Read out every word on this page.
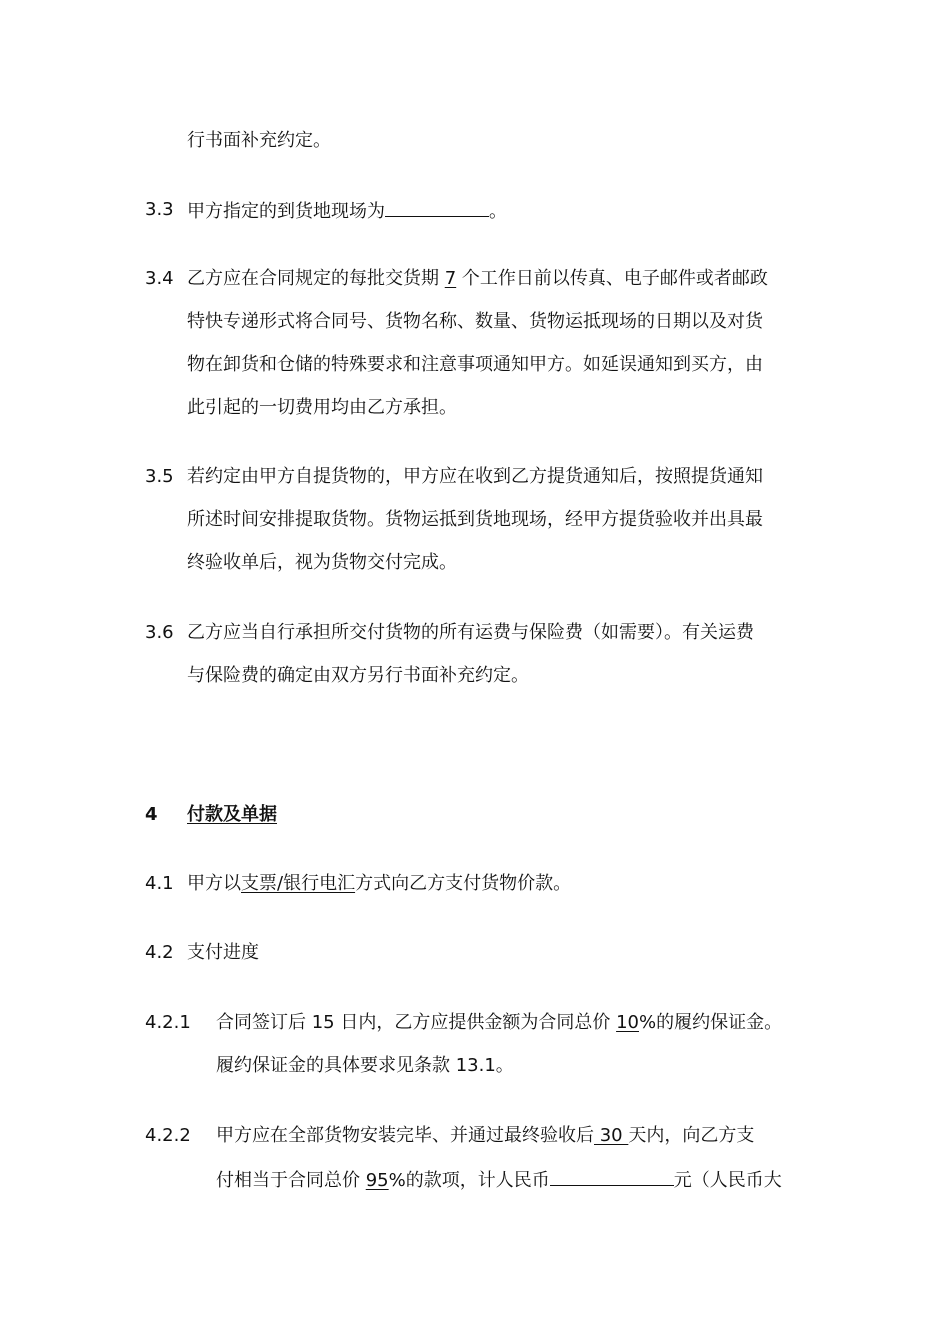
行书面补充约定。
3.3 甲方指定的到货地现场为	。
3.4 乙方应在合同规定的每批交货期 7 个工作日前以传真、电子邮件或者邮政
特快专递形式将合同号、货物名称、数量、货物运抵现场的日期以及对货
物在卸货和仓储的特殊要求和注意事项通知甲方。如延误通知到买方，由
此引起的一切费用均由乙方承担。
3.5 若约定由甲方自提货物的，甲方应在收到乙方提货通知后，按照提货通知
所述时间安排提取货物。货物运抵到货地现场，经甲方提货验收并出具最
终验收单后，视为货物交付完成。
3.6 乙方应当自行承担所交付货物的所有运费与保险费（如需要）。有关运费
与保险费的确定由双方另行书面补充约定。
4 付款及单据
4.1 甲方以支票/银行电汇方式向乙方支付货物价款。
4.2 支付进度
4.2.1 合同签订后 15 日内，乙方应提供金额为合同总价 10%的履约保证金。
履约保证金的具体要求见条款 13.1。
4.2.2 甲方应在全部货物安装完毕、并通过最终验收后 30 天内，向乙方支
付相当于合同总价 95%的款项，计人民币	元（人民币大
